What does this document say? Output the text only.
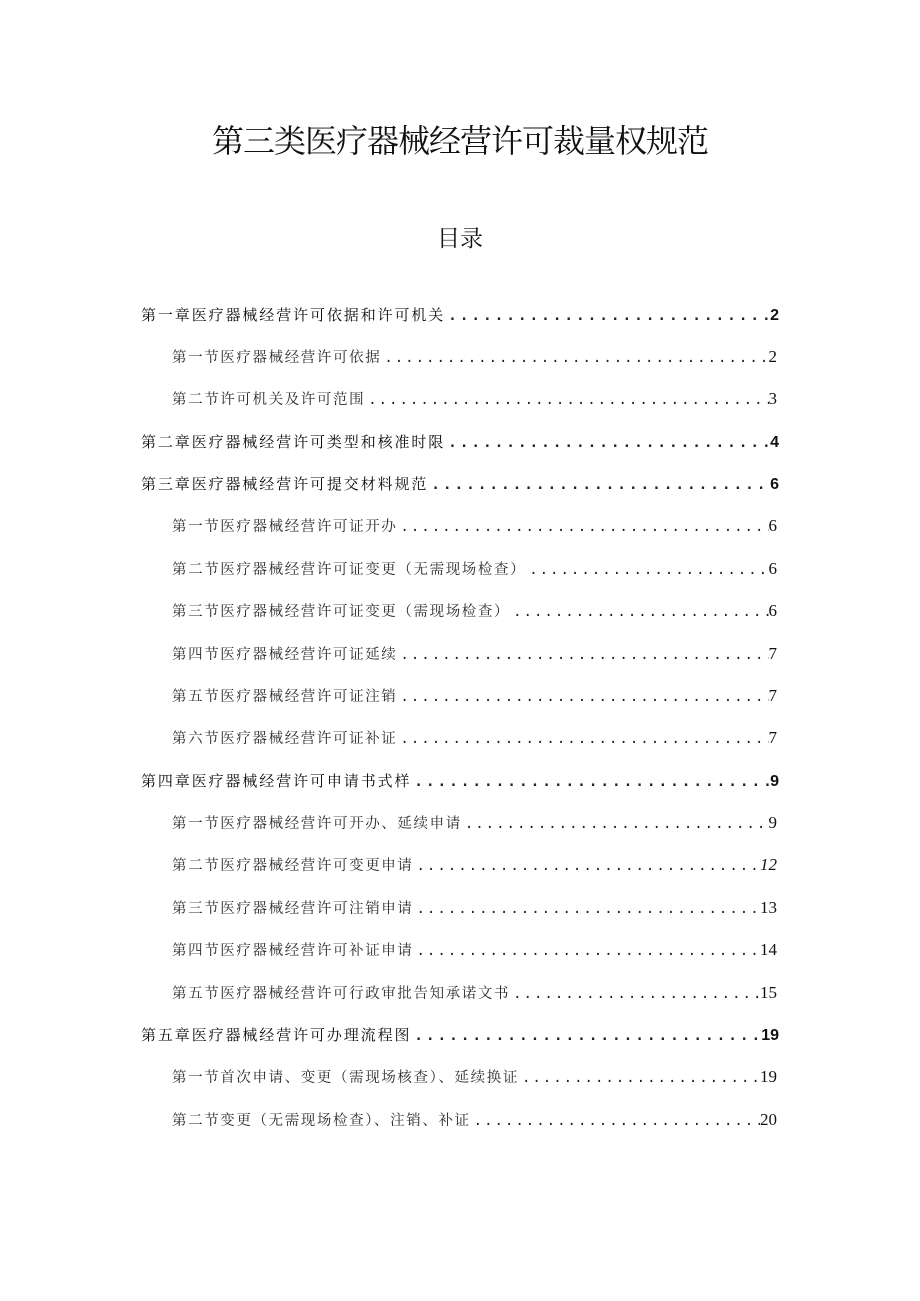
第三类医疗器械经营许可裁量权规范
目录
第一章医疗器械经营许可依据和许可机关 .....	2
第一节医疗器械经营许可依据 .....	2
第二节许可机关及许可范围 .....	3
第二章医疗器械经营许可类型和核准时限 .....	4
第三章医疗器械经营许可提交材料规范 .....	6
第一节医疗器械经营许可证开办 .....	6
第二节医疗器械经营许可证变更（无需现场检查） .....	6
第三节医疗器械经营许可证变更（需现场检查） .....	6
第四节医疗器械经营许可证延续 .....	7
第五节医疗器械经营许可证注销 .....	7
第六节医疗器械经营许可证补证 .....	7
第四章医疗器械经营许可申请书式样 .....	9
第一节医疗器械经营许可开办、延续申请 .....	9
第二节医疗器械经营许可变更申请 .....	12
第三节医疗器械经营许可注销申请 .....	13
第四节医疗器械经营许可补证申请 .....	14
第五节医疗器械经营许可行政审批告知承诺文书 .....	15
第五章医疗器械经营许可办理流程图 .....	19
第一节首次申请、变更（需现场核查）、延续换证 .....	19
第二节变更（无需现场检查）、注销、补证 .....	20
